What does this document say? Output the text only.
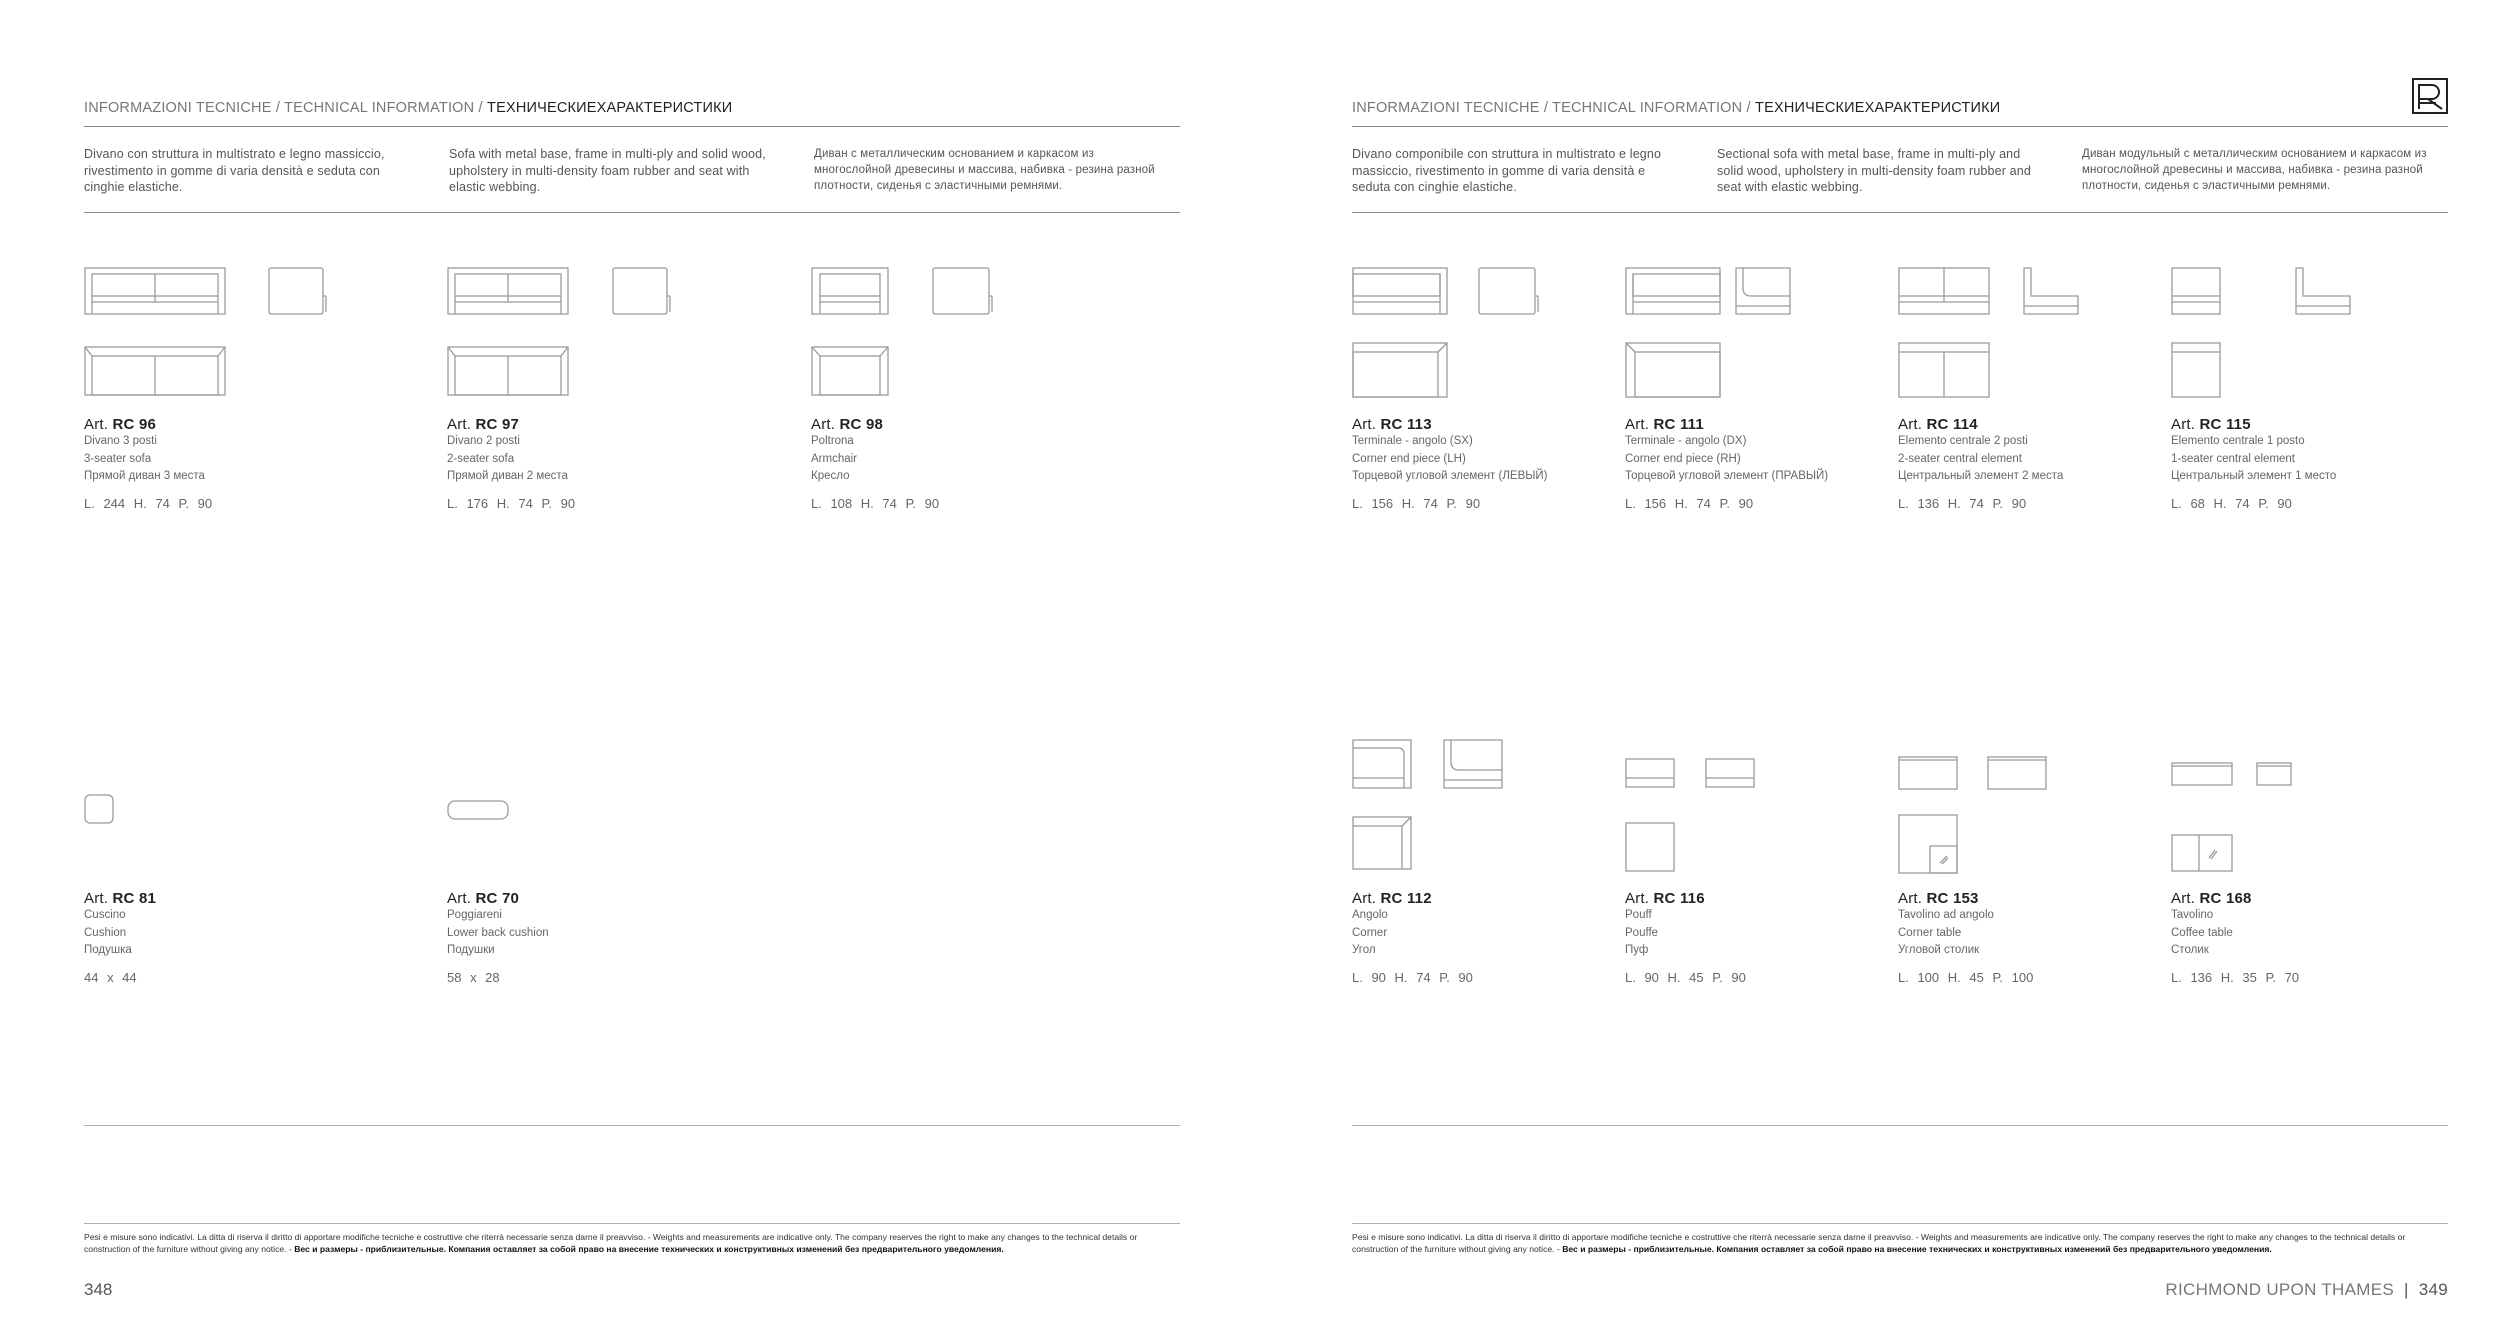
INFORMAZIONI TECNICHE / TECHNICAL INFORMATION / ТЕХНИЧЕСКИЕХАРАКТЕРИСТИКИ
Divano con struttura in multistrato e legno massiccio, rivestimento in gomme di varia densità e seduta con cinghie elastiche.
Sofa with metal base, frame in multi-ply and solid wood, upholstery in multi-density foam rubber and seat with elastic webbing.
Диван с металлическим основанием и каркасом из многослойной древесины и массива, набивка - резина разной плотности, сиденья с эластичными ремнями.
Art. RC 96
Divano 3 posti
3-seater sofa
Прямой диван 3 места
L. 244 H. 74 P. 90
Art. RC 97
Divano 2 posti
2-seater sofa
Прямой диван 2 места
L. 176 H. 74 P. 90
Art. RC 98
Poltrona
Armchair
Кресло
L. 108 H. 74 P. 90
Art. RC 81
Cuscino
Cushion
Подушка
44 x 44
Art. RC 70
Poggiareni
Lower back cushion
Подушки
58 x 28
Pesi e misure sono indicativi. La ditta di riserva il diritto di apportare modifiche tecniche e costruttive che riterrà necessarie senza darne il preavviso. - Weights and measurements are indicative only. The company reserves the right to make any changes to the technical details or construction of the furniture without giving any notice. - Вес и размеры - приблизительные. Компания оставляет за собой право на внесение технических и конструктивных изменений без предварительного уведомления.
348
INFORMAZIONI TECNICHE / TECHNICAL INFORMATION / ТЕХНИЧЕСКИЕХАРАКТЕРИСТИКИ
Divano componibile con struttura in multistrato e legno massiccio, rivestimento in gomme di varia densità e seduta con cinghie elastiche.
Sectional sofa with metal base, frame in multi-ply and solid wood, upholstery in multi-density foam rubber and seat with elastic webbing.
Диван модульный с металлическим основанием и каркасом из многослойной древесины и массива, набивка - резина разной плотности, сиденья с эластичными ремнями.
Art. RC 113
Terminale - angolo (SX)
Corner end piece (LH)
Торцевой угловой элемент (ЛЕВЫЙ)
L. 156 H. 74 P. 90
Art. RC 111
Terminale - angolo (DX)
Corner end piece (RH)
Торцевой угловой элемент (ПРАВЫЙ)
L. 156 H. 74 P. 90
Art. RC 114
Elemento centrale 2 posti
2-seater central element
Центральный элемент 2 места
L. 136 H. 74 P. 90
Art. RC 115
Elemento centrale 1 posto
1-seater central element
Центральный элемент 1 место
L. 68 H. 74 P. 90
Art. RC 112
Angolo
Corner
Угол
L. 90 H. 74 P. 90
Art. RC 116
Pouff
Pouffe
Пуф
L. 90 H. 45 P. 90
Art. RC 153
Tavolino ad angolo
Corner table
Угловой столик
L. 100 H. 45 P. 100
Art. RC 168
Tavolino
Coffee table
Столик
L. 136 H. 35 P. 70
Pesi e misure sono indicativi. La ditta di riserva il diritto di apportare modifiche tecniche e costruttive che riterrà necessarie senza darne il preavviso. - Weights and measurements are indicative only. The company reserves the right to make any changes to the technical details or construction of the furniture without giving any notice. - Вес и размеры - приблизительные. Компания оставляет за собой право на внесение технических и конструктивных изменений без предварительного уведомления.
RICHMOND UPON THAMES | 349
